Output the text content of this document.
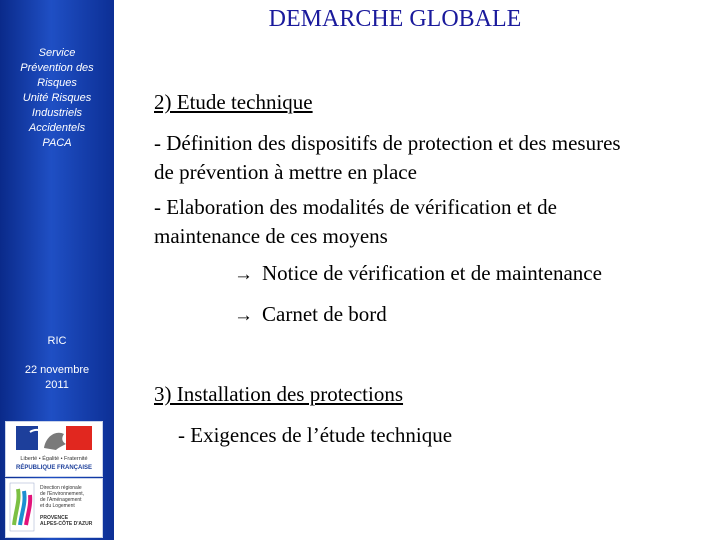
Service
Prévention des
Risques
Unité Risques
Industriels
Accidentels
PACA
RIC
22 novembre
2011
Liberté • Égalité • Fraternité
RÉPUBLIQUE FRANÇAISE
Direction régionale
de l'Environnement,
de l'Aménagement
et du Logement
PROVENCE
ALPES-CÔTE D'AZUR
DEMARCHE GLOBALE
2) Etude technique
- Définition des dispositifs de protection et des mesures
de prévention à mettre en place
- Elaboration des modalités de vérification et de
maintenance de ces moyens
→ Notice de vérification et de maintenance
→ Carnet de bord
3) Installation des protections
- Exigences de l’étude technique
